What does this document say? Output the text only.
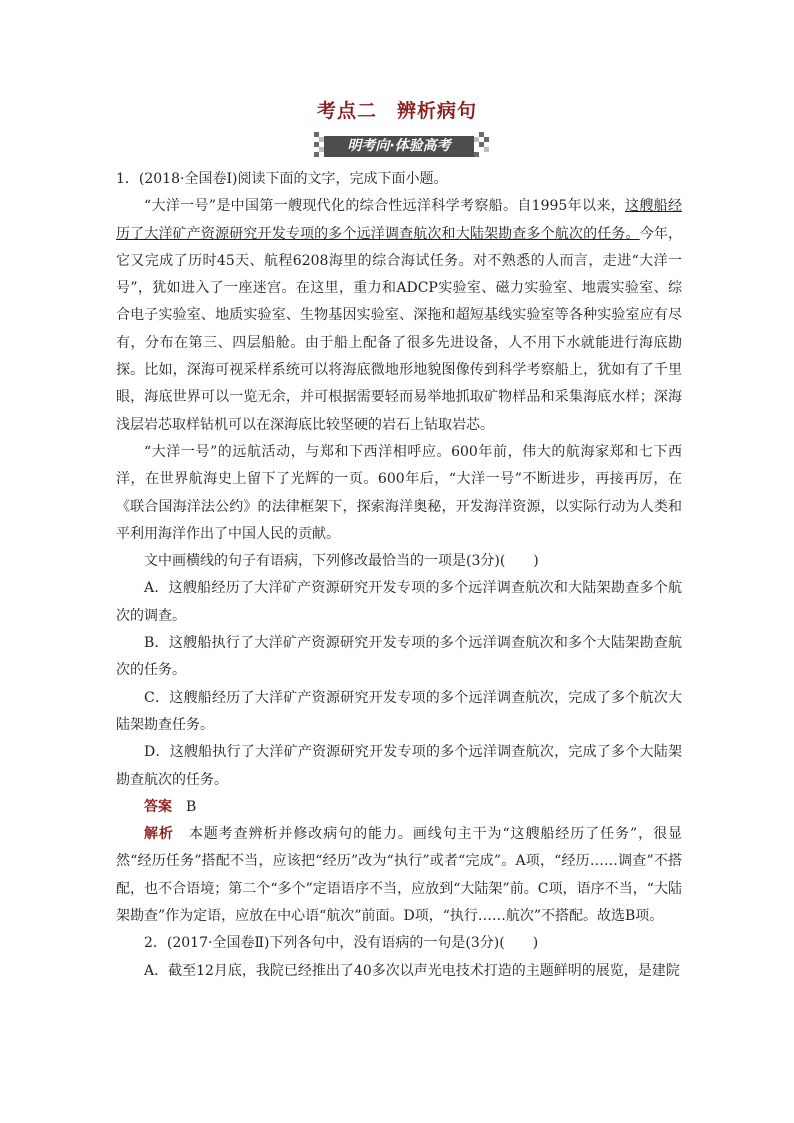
考点二　辨析病句
明考向·体验高考

1．(2018·全国卷Ⅰ)阅读下面的文字，完成下面小题。

“大洋一号”是中国第一艘现代化的综合性远洋科学考察船。自1995年以来，这艘船经历了大洋矿产资源研究开发专项的多个远洋调查航次和大陆架勘查多个航次的任务。今年，它又完成了历时45天、航程6208海里的综合海试任务。对不熟悉的人而言，走进“大洋一号”，犹如进入了一座迷宫。在这里，重力和ADCP实验室、磁力实验室、地震实验室、综合电子实验室、地质实验室、生物基因实验室、深拖和超短基线实验室等各种实验室应有尽有，分布在第三、四层船舱。由于船上配备了很多先进设备，人不用下水就能进行海底勘探。比如，深海可视采样系统可以将海底微地形地貌图像传到科学考察船上，犹如有了千里眼，海底世界可以一览无余，并可根据需要轻而易举地抓取矿物样品和采集海底水样；深海浅层岩芯取样钻机可以在深海底比较坚硬的岩石上钻取岩芯。

“大洋一号”的远航活动，与郑和下西洋相呼应。600年前，伟大的航海家郑和七下西洋，在世界航海史上留下了光辉的一页。600年后，“大洋一号”不断进步，再接再厉，在《联合国海洋法公约》的法律框架下，探索海洋奥秘，开发海洋资源，以实际行动为人类和平利用海洋作出了中国人民的贡献。

文中画横线的句子有语病，下列修改最恰当的一项是(3分)(　　)

A．这艘船经历了大洋矿产资源研究开发专项的多个远洋调查航次和大陆架勘查多个航次的调查。

B．这艘船执行了大洋矿产资源研究开发专项的多个远洋调查航次和多个大陆架勘查航次的任务。

C．这艘船经历了大洋矿产资源研究开发专项的多个远洋调查航次，完成了多个航次大陆架勘查任务。

D．这艘船执行了大洋矿产资源研究开发专项的多个远洋调查航次，完成了多个大陆架勘查航次的任务。

答案　 B

解析　 本题考查辨析并修改病句的能力。画线句主干为“这艘船经历了任务”，很显然“经历任务”搭配不当，应该把“经历”改为“执行”或者“完成”。A项，“经历……调查”不搭配，也不合语境；第二个“多个”定语语序不当，应放到“大陆架”前。C项，语序不当，“大陆架勘查”作为定语，应放在中心语“航次”前面。D项，“执行……航次”不搭配。故选B项。

2．(2017·全国卷Ⅱ)下列各句中，没有语病的一句是(3分)(　　)

A．截至12月底，我院已经推出了40多次以声光电技术打造的主题鲜明的展览，是建院
